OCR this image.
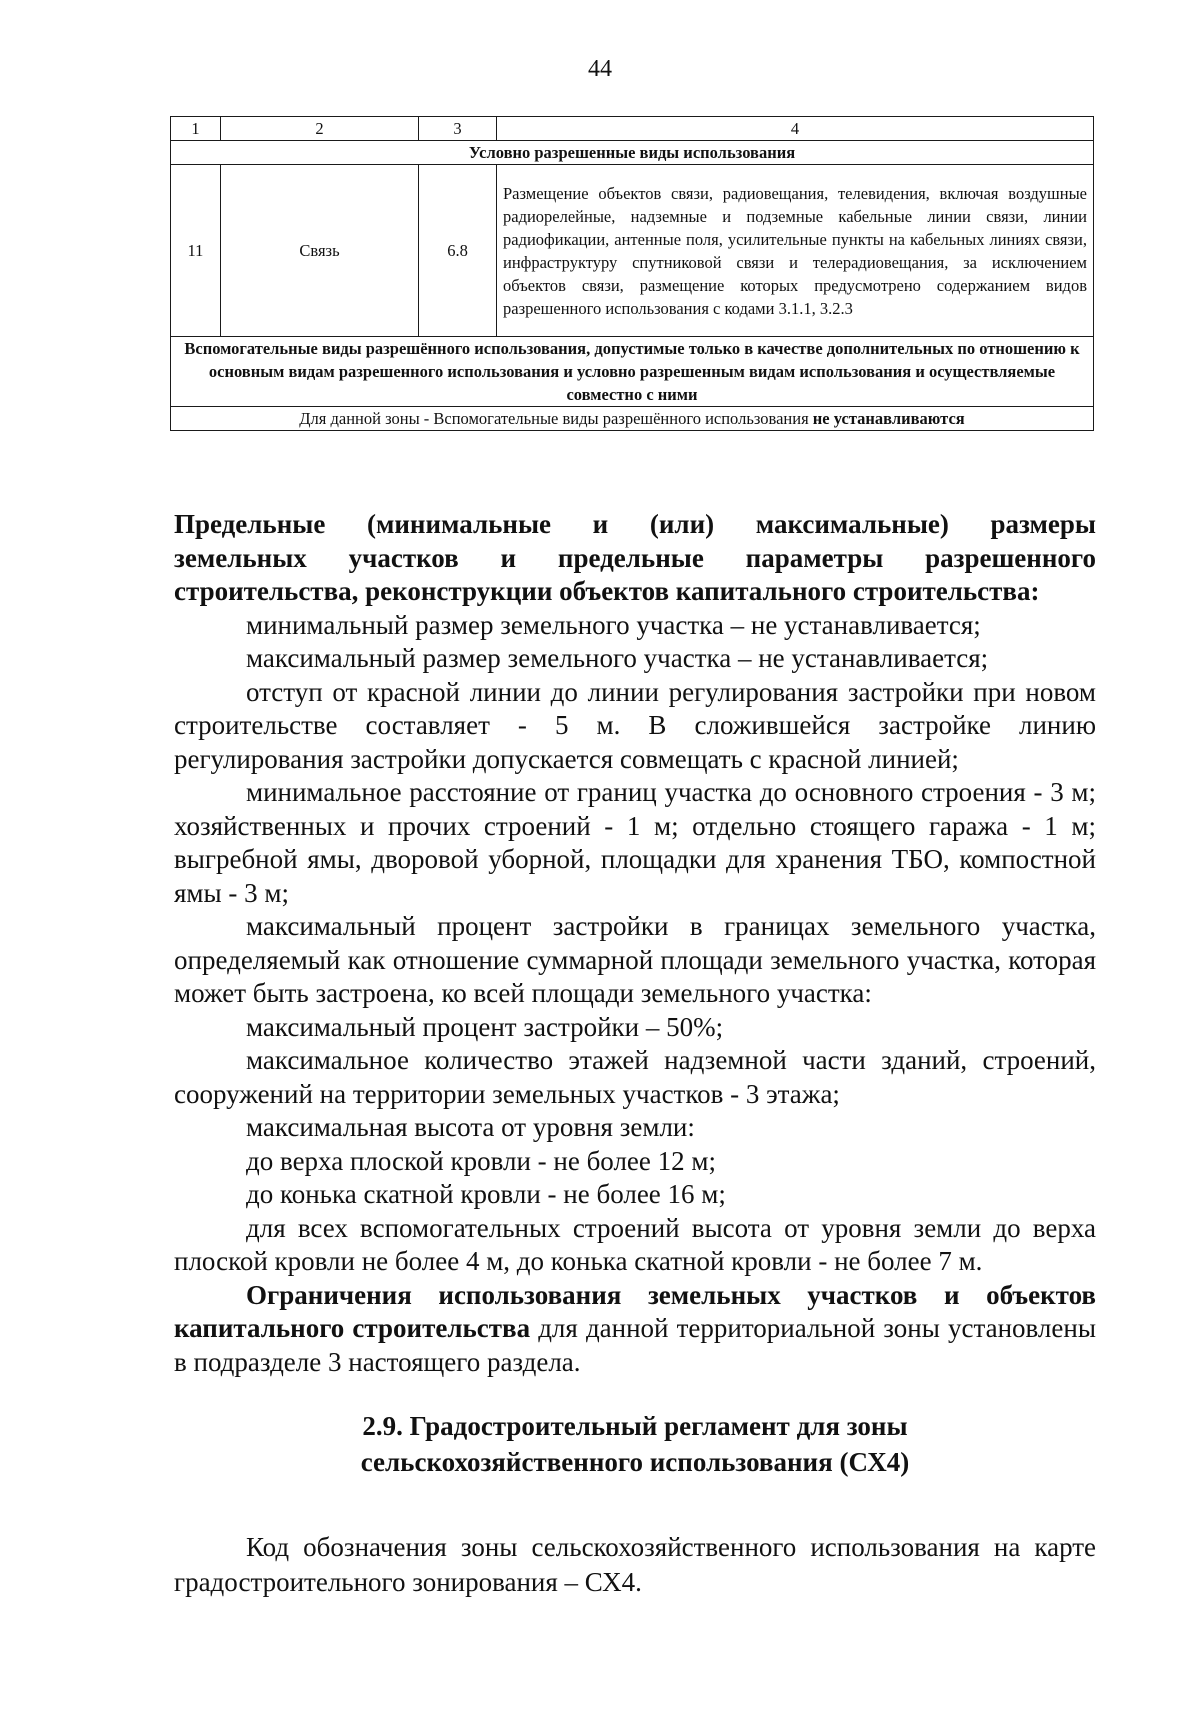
44
1	2	3	4
Условно разрешенные виды использования			
11	Связь	6.8	Размещение объектов связи, радиовещания, телевидения, включая воздушные радиорелейные, надземные и подземные кабельные линии связи, линии радиофикации, антенные поля, усилительные пункты на кабельных линиях связи, инфраструктуру спутниковой связи и телерадиовещания, за исключением объектов связи, размещение которых предусмотрено содержанием видов разрешенного использования с кодами 3.1.1, 3.2.3
Вспомогательные виды разрешённого использования, допустимые только в качестве дополнительных по отношению к основным видам разрешенного использования и условно разрешенным видам использования и осуществляемые совместно с ними			
Для данной зоны - Вспомогательные виды разрешённого использования не устанавливаются			

Предельные (минимальные и (или) максимальные) размеры
земельных участков и предельные параметры разрешенного
строительства, реконструкции объектов капитального строительства:

минимальный размер земельного участка – не устанавливается;

максимальный размер земельного участка – не устанавливается;

отступ от красной линии до линии регулирования застройки при новом строительстве составляет - 5 м. В сложившейся застройке линию регулирования застройки допускается совмещать с красной линией;

минимальное расстояние от границ участка до основного строения - 3 м; хозяйственных и прочих строений - 1 м; отдельно стоящего гаража - 1 м; выгребной ямы, дворовой уборной, площадки для хранения ТБО, компостной ямы - 3 м;

максимальный процент застройки в границах земельного участка, определяемый как отношение суммарной площади земельного участка, которая может быть застроена, ко всей площади земельного участка:

максимальный процент застройки – 50%;

максимальное количество этажей надземной части зданий, строений, сооружений на территории земельных участков - 3 этажа;

максимальная высота от уровня земли:

до верха плоской кровли - не более 12 м;

до конька скатной кровли - не более 16 м;

для всех вспомогательных строений высота от уровня земли до верха плоской кровли не более 4 м, до конька скатной кровли - не более 7 м.

Ограничения использования земельных участков и объектов капитального строительства для данной территориальной зоны установлены в подразделе 3 настоящего раздела.

2.9. Градостроительный регламент для зоны
сельскохозяйственного использования (СХ4)

Код обозначения зоны сельскохозяйственного использования на карте градостроительного зонирования – СХ4.
